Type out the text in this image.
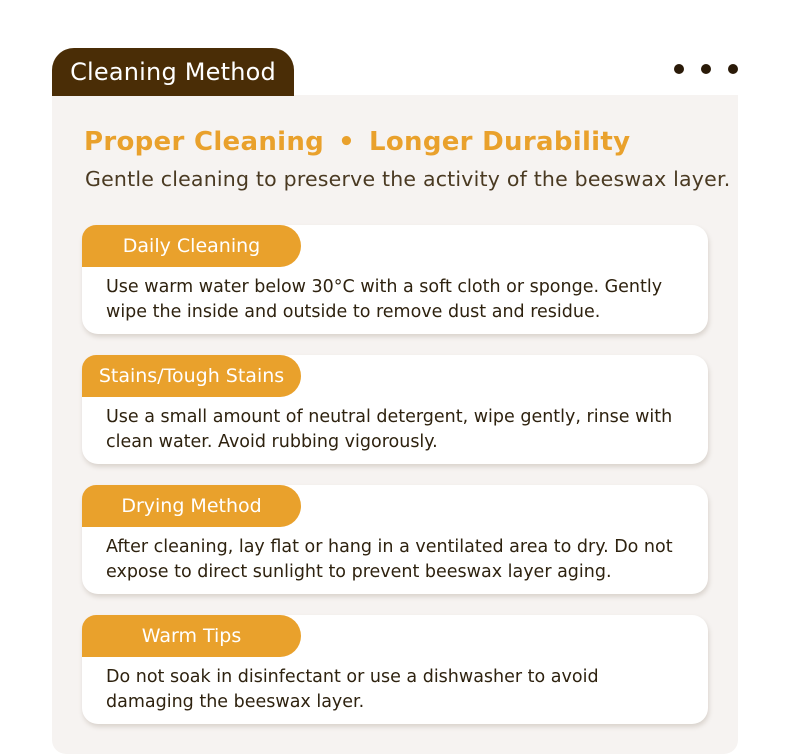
Cleaning Method
Proper Cleaning • Longer Durability
Gentle cleaning to preserve the activity of the beeswax layer.
Daily Cleaning
Use warm water below 30°C with a soft cloth or sponge. Gently wipe the inside and outside to remove dust and residue.
Stains/Tough Stains
Use a small amount of neutral detergent, wipe gently, rinse with clean water. Avoid rubbing vigorously.
Drying Method
After cleaning, lay flat or hang in a ventilated area to dry. Do not expose to direct sunlight to prevent beeswax layer aging.
Warm Tips
Do not soak in disinfectant or use a dishwasher to avoid damaging the beeswax layer.
